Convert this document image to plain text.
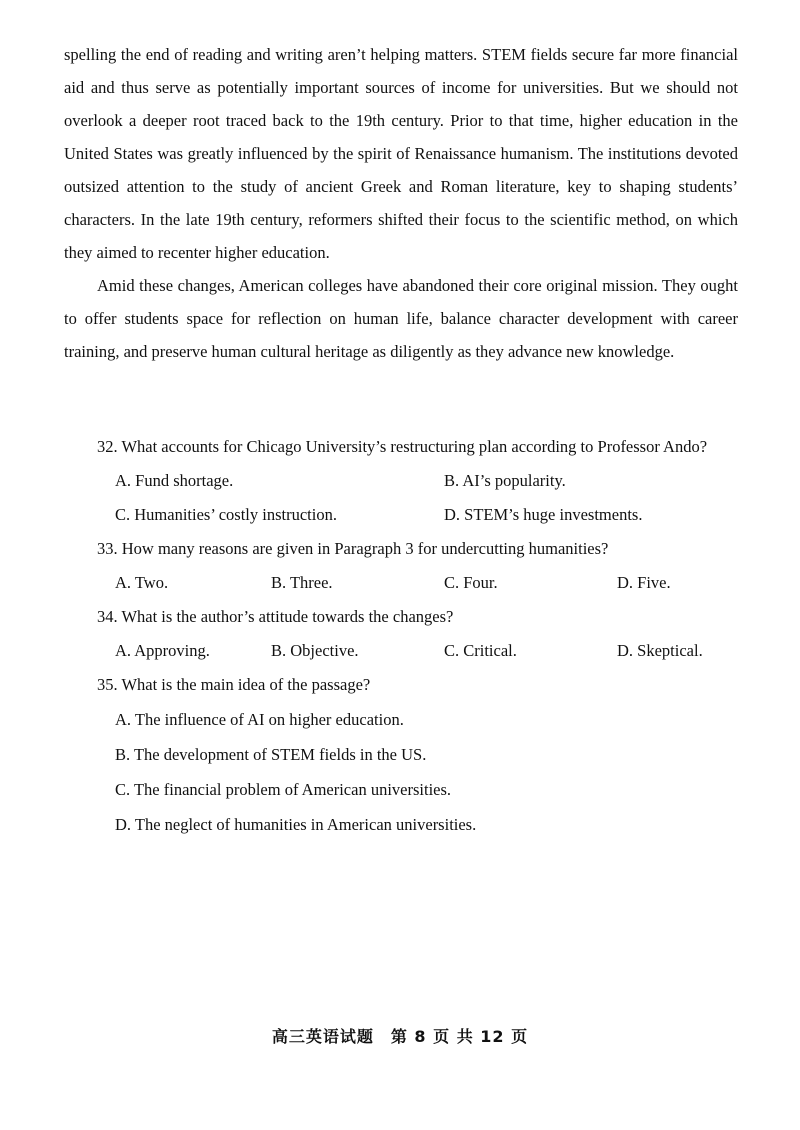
spelling the end of reading and writing aren’t helping matters. STEM fields secure far more financial aid and thus serve as potentially important sources of income for universities. But we should not overlook a deeper root traced back to the 19th century. Prior to that time, higher education in the United States was greatly influenced by the spirit of Renaissance humanism. The institutions devoted outsized attention to the study of ancient Greek and Roman literature, key to shaping students’ characters. In the late 19th century, reformers shifted their focus to the scientific method, on which they aimed to recenter higher education.

Amid these changes, American colleges have abandoned their core original mission. They ought to offer students space for reflection on human life, balance character development with career training, and preserve human cultural heritage as diligently as they advance new knowledge.

32. What accounts for Chicago University’s restructuring plan according to Professor Ando?

A. Fund shortage.	B. AI’s popularity.
C. Humanities’ costly instruction.	D. STEM’s huge investments.

33. How many reasons are given in Paragraph 3 for undercutting humanities?

A. Two.	B. Three.	C. Four.	D. Five.

34. What is the author’s attitude towards the changes?

A. Approving.	B. Objective.	C. Critical.	D. Skeptical.

35. What is the main idea of the passage?

A. The influence of AI on higher education.
B. The development of STEM fields in the US.
C. The financial problem of American universities.
D. The neglect of humanities in American universities.
高三英语试题　第 8 页 共 12 页
